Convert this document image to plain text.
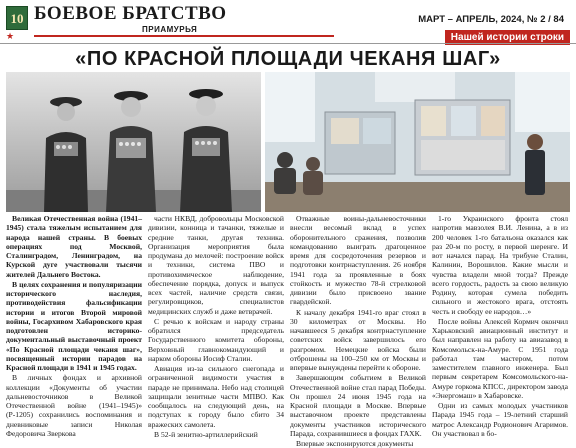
10
★
БОЕВОЕ БРАТСТВО
ПРИАМУРЬЯ
МАРТ – АПРЕЛЬ, 2024, № 2 / 84
Нашей истории строки
«ПО КРАСНОЙ ПЛОЩАДИ ЧЕКАНЯ ШАГ»

Великая Отечественная война (1941–1945) стала тяжелым испытанием для народа нашей страны. В боевых операциях под Москвой, Сталинградом, Ленинградом, на Курской дуге участвовали тысячи жителей Дальнего Востока.

В целях сохранения и популяризации исторического наследия, противодействия фальсификации истории и итогов Второй мировой войны, Госархивом Хабаровского края подготовлен историко-документальный выставочный проект «По Красной площади чеканя шаг», посвященный истории парадов на Красной площади в 1941 и 1945 годах.

В личных фондах и архивной коллекции «Документы об участии дальневосточников в Великой Отечественной войне (1941–1945)» (Р-1205) сохранились воспоминания и дневниковые записи Николая Федоровича Зверкова

части НКВД, добровольцы Московской дивизии, конница и тачанки, тяжелые и средние танки, другая техника. Организация мероприятия была продумана до мелочей: построение войск и техники, система ПВО и противохимическое наблюдение, обеспечение порядка, допуск и выпуск всех частей, наличие средств связи, регулировщиков, специалистов медицинских служб и даже ветврачей.

С речью к войскам и народу страны обратился председатель Государственного комитета обороны, Верховный главнокомандующий и нарком обороны Иосиф Сталин.

Авиация из-за сильного снегопада и ограниченной видимости участия в параде не принимала. Небо над столицей защищали зенитные части МПВО. Как сообщалось на следующий день, на подступах к городу было сбито 34 вражеских самолета.

В 52-й зенитно-артиллерийский

Отважные воины-дальневосточники внесли весомый вклад в успех оборонительного сражения, позволив командованию выиграть драгоценное время для сосредоточения резервов и подготовки контрнаступления. 26 ноября 1941 года за проявленные в боях стойкость и мужество 78-й стрелковой дивизии было присвоено звание гвардейской.

К началу декабря 1941-го враг стоял в 30 километрах от Москвы. Но начавшееся 5 декабря контрнаступление советских войск завершилось его разгромом. Немецкие войска были отброшены на 100–250 км от Москвы и впервые вынуждены перейти к обороне.

Завершающим событием в Великой Отечественной войне стал парад Победы. Он прошел 24 июня 1945 года на Красной площади в Москве. Впервые выставочном проекте представлены документы участников исторического Парада, сохранившиеся в фондах ГАХК.

Впервые экспонируются документы

1-го Украинского фронта стоял напротив мавзолея В.И. Ленина, а в из 200 человек 1-го батальона оказался как раз 20-м по росту, в первой шеренге. И вот начался парад. На трибуне Сталин, Калинин, Ворошилов. Какие мысли и чувства владели мной тогда? Прежде всего гордость, радость за свою великую Родину, которая сумела победить сильного и жестокого врага, отстоять честь и свободу ее народов…»

После войны Алексей Кормич окончил Харьковский авиационный институт и был направлен на работу на авиазавод в Комсомольск-на-Амуре. С 1951 года работал там мастером, потом заместителем главного инженера. Был первым секретарем Комсомольского-на-Амуре горкома КПСС, директором завода «Энергомаш» в Хабаровске.

Одни из самых молодых участников Парада 1945 года – 19-летний старший матрос Александр Родионович Агаримов. Он участвовал в бо-
